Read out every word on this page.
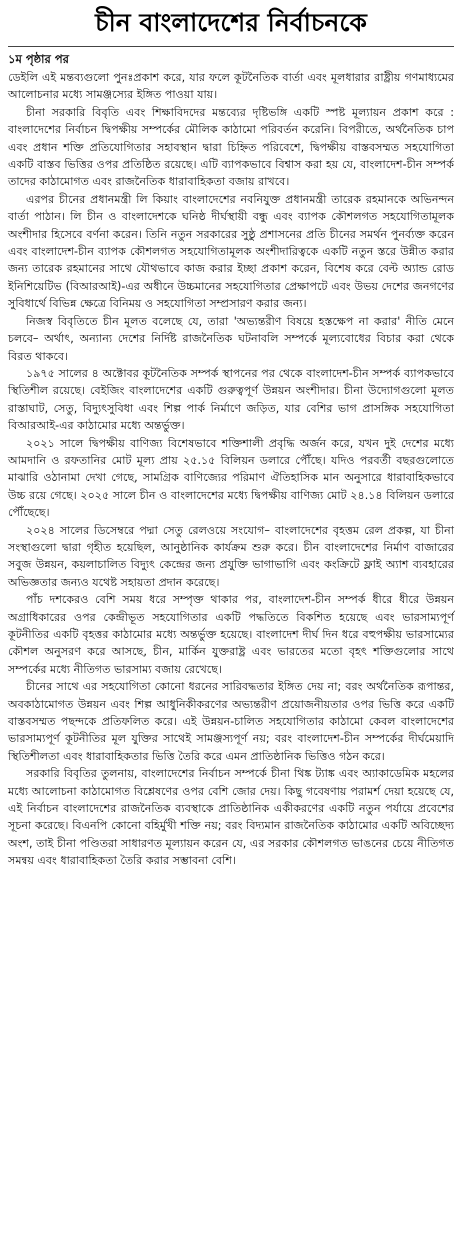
চীন বাংলাদেশের নির্বাচনকে
১ম পৃষ্ঠার পর

ডেইলি এই মন্তব্যগুলো পুনঃপ্রকাশ করে, যার ফলে কূটনৈতিক বার্তা এবং মূলধারার রাষ্ট্রীয় গণমাধ্যমের আলোচনার মধ্যে সামঞ্জস্যের ইঙ্গিত পাওয়া যায়।

চীনা সরকারি বিবৃতি এবং শিক্ষাবিদদের মন্তব্যের দৃষ্টিভঙ্গি একটি স্পষ্ট মূল্যায়ন প্রকাশ করে : বাংলাদেশের নির্বাচন দ্বিপক্ষীয় সম্পর্কের মৌলিক কাঠামো পরিবর্তন করেনি। বিপরীতে, অর্থনৈতিক চাপ এবং প্রধান শক্তি প্রতিযোগিতার সহাবস্থান দ্বারা চিহ্নিত পরিবেশে, দ্বিপক্ষীয় বাস্তবসম্মত সহযোগিতা একটি বাস্তব ভিত্তির ওপর প্রতিষ্ঠিত রয়েছে। এটি ব্যাপকভাবে বিশ্বাস করা হয় যে, বাংলাদেশ-চীন সম্পর্ক তাদের কাঠামোগত এবং রাজনৈতিক ধারাবাহিকতা বজায় রাখবে।

এরপর চীনের প্রধানমন্ত্রী লি কিয়াং বাংলাদেশের নবনিযুক্ত প্রধানমন্ত্রী তারেক রহমানকে অভিনন্দন বার্তা পাঠান। লি চীন ও বাংলাদেশকে ঘনিষ্ঠ দীর্ঘস্থায়ী বন্ধু এবং ব্যাপক কৌশলগত সহযোগিতামূলক অংশীদার হিসেবে বর্ণনা করেন। তিনি নতুন সরকারের সুষ্ঠু প্রশাসনের প্রতি চীনের সমর্থন পুনর্ব্যক্ত করেন এবং বাংলাদেশ-চীন ব্যাপক কৌশলগত সহযোগিতামূলক অংশীদারিত্বকে একটি নতুন স্তরে উন্নীত করার জন্য তারেক রহমানের সাথে যৌথভাবে কাজ করার ইচ্ছা প্রকাশ করেন, বিশেষ করে বেল্ট অ্যান্ড রোড ইনিশিয়েটিভ (বিআরআই)-এর অধীনে উচ্চমানের সহযোগিতার প্রেক্ষাপটে এবং উভয় দেশের জনগণের সুবিধার্থে বিভিন্ন ক্ষেত্রে বিনিময় ও সহযোগিতা সম্প্রসারণ করার জন্য।

নিজস্ব বিবৃতিতে চীন মূলত বলেছে যে, তারা 'অভ্যন্তরীণ বিষয়ে হস্তক্ষেপ না করার' নীতি মেনে চলবে– অর্থাৎ, অন্যান্য দেশের নির্দিষ্ট রাজনৈতিক ঘটনাবলি সম্পর্কে মূল্যবোধের বিচার করা থেকে বিরত থাকবে।

১৯৭৫ সালের ৪ অক্টোবর কূটনৈতিক সম্পর্ক স্থাপনের পর থেকে বাংলাদেশ-চীন সম্পর্ক ব্যাপকভাবে স্থিতিশীল রয়েছে। বেইজিং বাংলাদেশের একটি গুরুত্বপূর্ণ উন্নয়ন অংশীদার। চীনা উদ্যোগগুলো মূলত রাস্তাঘাট, সেতু, বিদ্যুৎসুবিধা এবং শিল্প পার্ক নির্মাণে জড়িত, যার বেশির ভাগ প্রাসঙ্গিক সহযোগিতা বিআরআই-এর কাঠামোর মধ্যে অন্তর্ভুক্ত।

২০২১ সালে দ্বিপক্ষীয় বাণিজ্য বিশেষভাবে শক্তিশালী প্রবৃদ্ধি অর্জন করে, যখন দুই দেশের মধ্যে আমদানি ও রফতানির মোট মূল্য প্রায় ২৫.১৫ বিলিয়ন ডলারে পৌঁছে। যদিও পরবর্তী বছরগুলোতে মাঝারি ওঠানামা দেখা গেছে, সামগ্রিক বাণিজ্যের পরিমাণ ঐতিহাসিক মান অনুসারে ধারাবাহিকভাবে উচ্চ রয়ে গেছে। ২০২৫ সালে চীন ও বাংলাদেশের মধ্যে দ্বিপক্ষীয় বাণিজ্য মোট ২৪.১৪ বিলিয়ন ডলারে পৌঁছেছে।

২০২৪ সালের ডিসেম্বরে পদ্মা সেতু রেলওয়ে সংযোগ– বাংলাদেশের বৃহত্তম রেল প্রকল্প, যা চীনা সংস্থাগুলো দ্বারা গৃহীত হয়েছিল, আনুষ্ঠানিক কার্যক্রম শুরু করে। চীন বাংলাদেশের নির্মাণ বাজারের সবুজ উন্নয়ন, কয়লাচালিত বিদ্যুৎ কেন্দ্রের জন্য প্রযুক্তি ভাগাভাগি এবং কংক্রিটে ফ্লাই অ্যাশ ব্যবহারের অভিজ্ঞতার জন্যও যথেষ্ট সহায়তা প্রদান করেছে।

পাঁচ দশকেরও বেশি সময় ধরে সম্পৃক্ত থাকার পর, বাংলাদেশ-চীন সম্পর্ক ধীরে ধীরে উন্নয়ন অগ্রাধিকারের ওপর কেন্দ্রীভূত সহযোগিতার একটি পদ্ধতিতে বিকশিত হয়েছে এবং ভারসাম্যপূর্ণ কূটনীতির একটি বৃহত্তর কাঠামোর মধ্যে অন্তর্ভুক্ত হয়েছে। বাংলাদেশ দীর্ঘ দিন ধরে বহুপক্ষীয় ভারসাম্যের কৌশল অনুসরণ করে আসছে, চীন, মার্কিন যুক্তরাষ্ট্র এবং ভারতের মতো বৃহৎ শক্তিগুলোর সাথে সম্পর্কের মধ্যে নীতিগত ভারসাম্য বজায় রেখেছে।

চীনের সাথে এর সহযোগিতা কোনো ধরনের সারিবদ্ধতার ইঙ্গিত দেয় না; বরং অর্থনৈতিক রূপান্তর, অবকাঠামোগত উন্নয়ন এবং শিল্প আধুনিকীকরণের অভ্যন্তরীণ প্রয়োজনীয়তার ওপর ভিত্তি করে একটি বাস্তবসম্মত পছন্দকে প্রতিফলিত করে। এই উন্নয়ন-চালিত সহযোগিতার কাঠামো কেবল বাংলাদেশের ভারসাম্যপূর্ণ কূটনীতির মূল যুক্তির সাথেই সামঞ্জস্যপূর্ণ নয়; বরং বাংলাদেশ-চীন সম্পর্কের দীর্ঘমেয়াদি স্থিতিশীলতা এবং ধারাবাহিকতার ভিত্তি তৈরি করে এমন প্রাতিষ্ঠানিক ভিত্তিও গঠন করে।

সরকারি বিবৃতির তুলনায়, বাংলাদেশের নির্বাচন সম্পর্কে চীনা থিঙ্ক ট্যাঙ্ক এবং অ্যাকাডেমিক মহলের মধ্যে আলোচনা কাঠামোগত বিশ্লেষণের ওপর বেশি জোর দেয়। কিছু গবেষণায় পরামর্শ দেয়া হয়েছে যে, এই নির্বাচন বাংলাদেশের রাজনৈতিক ব্যবস্থাকে প্রাতিষ্ঠানিক একীকরণের একটি নতুন পর্যায়ে প্রবেশের সূচনা করেছে। বিএনপি কোনো বহির্মুখী শক্তি নয়; বরং বিদ্যমান রাজনৈতিক কাঠামোর একটি অবিচ্ছেদ্য অংশ, তাই চীনা পণ্ডিতরা সাধারণত মূল্যায়ন করেন যে, এর সরকার কৌশলগত ভাঙনের চেয়ে নীতিগত সমন্বয় এবং ধারাবাহিকতা তৈরি করার সম্ভাবনা বেশি।
